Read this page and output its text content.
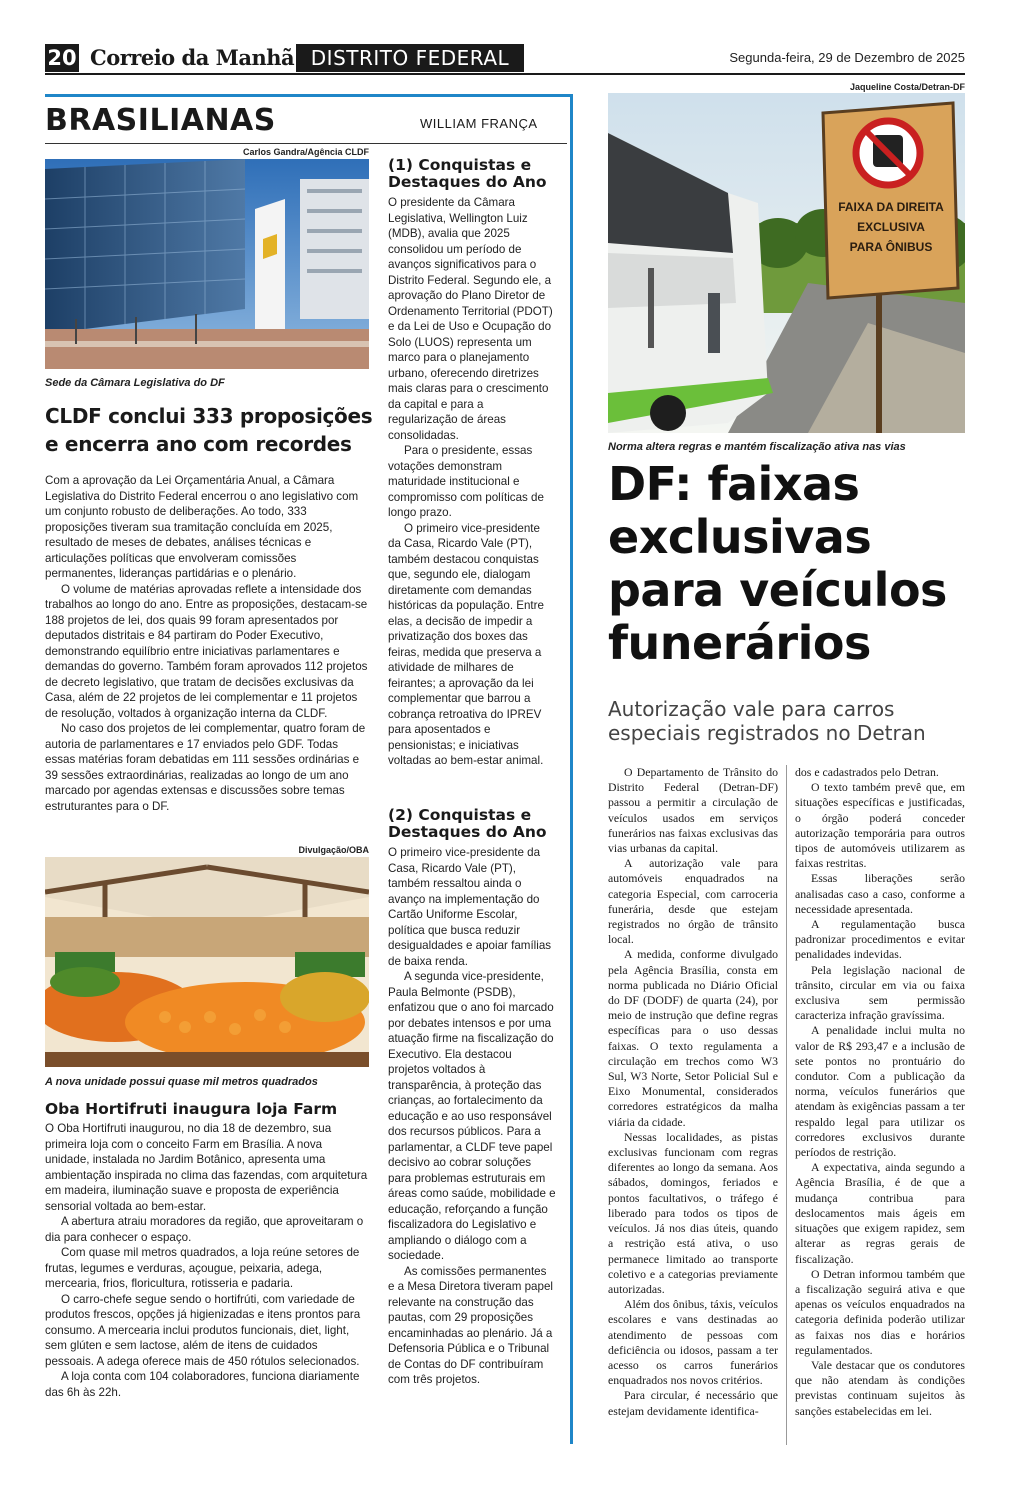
20 Correio da Manhã DISTRITO FEDERAL	Segunda-feira, 29 de Dezembro de 2025
BRASILIANAS	WILLIAM FRANÇA
Carlos Gandra/Agência CLDF
Sede da Câmara Legislativa do DF
CLDF conclui 333 proposições e encerra ano com recordes

Com a aprovação da Lei Orçamentária Anual, a Câmara Legislativa do Distrito Federal encerrou o ano legislativo com um conjunto robusto de deliberações. Ao todo, 333 proposições tiveram sua tramitação concluída em 2025, resultado de meses de debates, análises técnicas e articulações políticas que envolveram comissões permanentes, lideranças partidárias e o plenário.

O volume de matérias aprovadas reflete a intensidade dos trabalhos ao longo do ano. Entre as proposições, destacam-se 188 projetos de lei, dos quais 99 foram apresentados por deputados distritais e 84 partiram do Poder Executivo, demonstrando equilíbrio entre iniciativas parlamentares e demandas do governo. Também foram aprovados 112 projetos de decreto legislativo, que tratam de decisões exclusivas da Casa, além de 22 projetos de lei complementar e 11 projetos de resolução, voltados à organização interna da CLDF.

No caso dos projetos de lei complementar, quatro foram de autoria de parlamentares e 17 enviados pelo GDF. Todas essas matérias foram debatidas em 111 sessões ordinárias e 39 sessões extraordinárias, realizadas ao longo de um ano marcado por agendas extensas e discussões sobre temas estruturantes para o DF.

Divulgação/OBA
A nova unidade possui quase mil metros quadrados
Oba Hortifruti inaugura loja Farm

O Oba Hortifruti inaugurou, no dia 18 de dezembro, sua primeira loja com o conceito Farm em Brasília. A nova unidade, instalada no Jardim Botânico, apresenta uma ambientação inspirada no clima das fazendas, com arquitetura em madeira, iluminação suave e proposta de experiência sensorial voltada ao bem-estar.

A abertura atraiu moradores da região, que aproveitaram o dia para conhecer o espaço.

Com quase mil metros quadrados, a loja reúne setores de frutas, legumes e verduras, açougue, peixaria, adega, mercearia, frios, floricultura, rotisseria e padaria.

O carro-chefe segue sendo o hortifrúti, com variedade de produtos frescos, opções já higienizadas e itens prontos para consumo. A mercearia inclui produtos funcionais, diet, light, sem glúten e sem lactose, além de itens de cuidados pessoais. A adega oferece mais de 450 rótulos selecionados.

A loja conta com 104 colaboradores, funciona diariamente das 6h às 22h.

(1) Conquistas e Destaques do Ano

O presidente da Câmara Legislativa, Wellington Luiz (MDB), avalia que 2025 consolidou um período de avanços significativos para o Distrito Federal. Segundo ele, a aprovação do Plano Diretor de Ordenamento Territorial (PDOT) e da Lei de Uso e Ocupação do Solo (LUOS) representa um marco para o planejamento urbano, oferecendo diretrizes mais claras para o crescimento da capital e para a regularização de áreas consolidadas.

Para o presidente, essas votações demonstram maturidade institucional e compromisso com políticas de longo prazo.

O primeiro vice-presidente da Casa, Ricardo Vale (PT), também destacou conquistas que, segundo ele, dialogam diretamente com demandas históricas da população. Entre elas, a decisão de impedir a privatização dos boxes das feiras, medida que preserva a atividade de milhares de feirantes; a aprovação da lei complementar que barrou a cobrança retroativa do IPREV para aposentados e pensionistas; e iniciativas voltadas ao bem-estar animal.

(2) Conquistas e Destaques do Ano

O primeiro vice-presidente da Casa, Ricardo Vale (PT), também ressaltou ainda o avanço na implementação do Cartão Uniforme Escolar, política que busca reduzir desigualdades e apoiar famílias de baixa renda.

A segunda vice-presidente, Paula Belmonte (PSDB), enfatizou que o ano foi marcado por debates intensos e por uma atuação firme na fiscalização do Executivo. Ela destacou projetos voltados à transparência, à proteção das crianças, ao fortalecimento da educação e ao uso responsável dos recursos públicos. Para a parlamentar, a CLDF teve papel decisivo ao cobrar soluções para problemas estruturais em áreas como saúde, mobilidade e educação, reforçando a função fiscalizadora do Legislativo e ampliando o diálogo com a sociedade.

As comissões permanentes e a Mesa Diretora tiveram papel relevante na construção das pautas, com 29 proposições encaminhadas ao plenário. Já a Defensoria Pública e o Tribunal de Contas do DF contribuíram com três projetos.

Jaqueline Costa/Detran-DF
FAIXA DA DIREITA
EXCLUSIVA
PARA ÔNIBUS
Norma altera regras e mantém fiscalização ativa nas vias
DF: faixas exclusivas para veículos funerários
Autorização vale para carros especiais registrados no Detran

O Departamento de Trânsito do Distrito Federal (Detran-DF) passou a permitir a circulação de veículos usados em serviços funerários nas faixas exclusivas das vias urbanas da capital.

A autorização vale para automóveis enquadrados na categoria Especial, com carroceria funerária, desde que estejam registrados no órgão de trânsito local.

A medida, conforme divulgado pela Agência Brasília, consta em norma publicada no Diário Oficial do DF (DODF) de quarta (24), por meio de instrução que define regras específicas para o uso dessas faixas. O texto regulamenta a circulação em trechos como W3 Sul, W3 Norte, Setor Policial Sul e Eixo Monumental, considerados corredores estratégicos da malha viária da cidade.

Nessas localidades, as pistas exclusivas funcionam com regras diferentes ao longo da semana. Aos sábados, domingos, feriados e pontos facultativos, o tráfego é liberado para todos os tipos de veículos. Já nos dias úteis, quando a restrição está ativa, o uso permanece limitado ao transporte coletivo e a categorias previamente autorizadas.

Além dos ônibus, táxis, veículos escolares e vans destinadas ao atendimento de pessoas com deficiência ou idosos, passam a ter acesso os carros funerários enquadrados nos novos critérios.

Para circular, é necessário que estejam devidamente identifica-

dos e cadastrados pelo Detran.

O texto também prevê que, em situações específicas e justificadas, o órgão poderá conceder autorização temporária para outros tipos de automóveis utilizarem as faixas restritas.

Essas liberações serão analisadas caso a caso, conforme a necessidade apresentada.

A regulamentação busca padronizar procedimentos e evitar penalidades indevidas.

Pela legislação nacional de trânsito, circular em via ou faixa exclusiva sem permissão caracteriza infração gravíssima.

A penalidade inclui multa no valor de R$ 293,47 e a inclusão de sete pontos no prontuário do condutor. Com a publicação da norma, veículos funerários que atendam às exigências passam a ter respaldo legal para utilizar os corredores exclusivos durante períodos de restrição.

A expectativa, ainda segundo a Agência Brasília, é de que a mudança contribua para deslocamentos mais ágeis em situações que exigem rapidez, sem alterar as regras gerais de fiscalização.

O Detran informou também que a fiscalização seguirá ativa e que apenas os veículos enquadrados na categoria definida poderão utilizar as faixas nos dias e horários regulamentados.

Vale destacar que os condutores que não atendam às condições previstas continuam sujeitos às sanções estabelecidas em lei.
